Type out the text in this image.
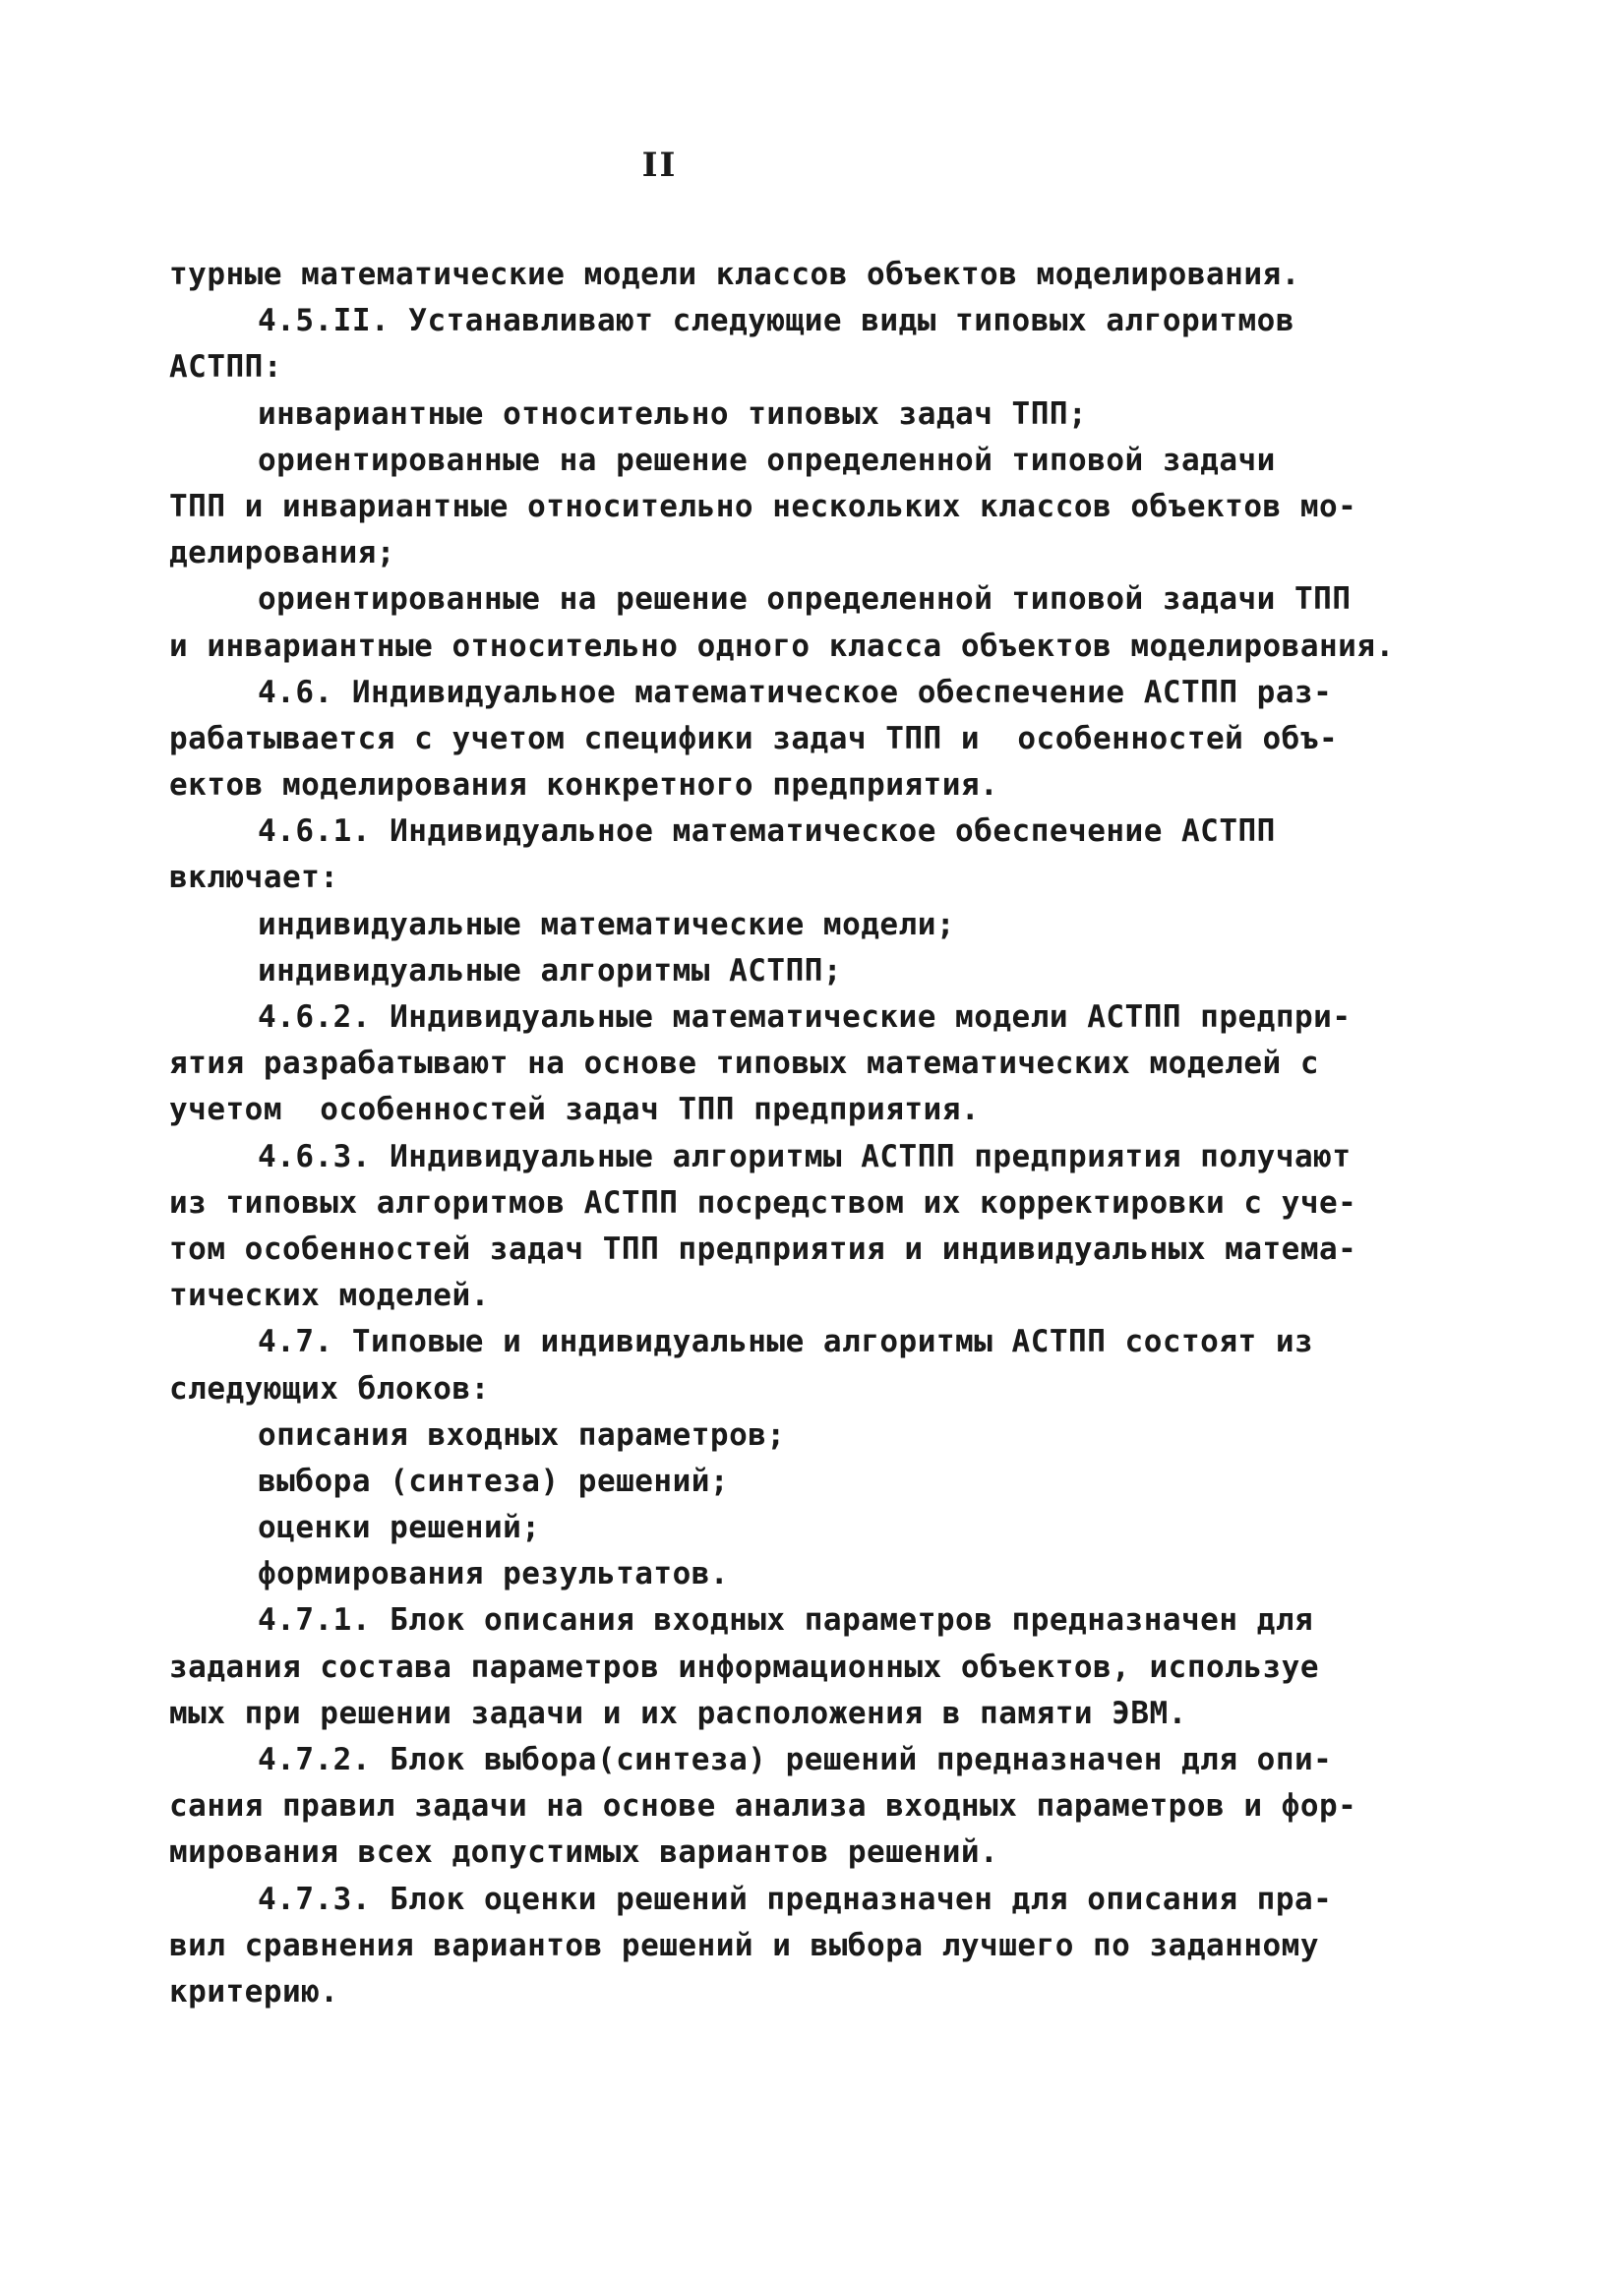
II
турные математические модели классов объектов моделирования.
4.5.II. Устанавливают следующие виды типовых алгоритмов
АСТПП:
инвариантные относительно типовых задач ТПП;
ориентированные на решение определенной типовой задачи
ТПП и инвариантные относительно нескольких классов объектов мо-
делирования;
ориентированные на решение определенной типовой задачи ТПП
и инвариантные относительно одного класса объектов моделирования.
4.6. Индивидуальное математическое обеспечение АСТПП раз-
рабатывается с учетом специфики задач ТПП и  особенностей объ-
ектов моделирования конкретного предприятия.
4.6.1. Индивидуальное математическое обеспечение АСТПП
включает:
индивидуальные математические модели;
индивидуальные алгоритмы АСТПП;
4.6.2. Индивидуальные математические модели АСТПП предпри-
ятия разрабатывают на основе типовых математических моделей с
учетом  особенностей задач ТПП предприятия.
4.6.3. Индивидуальные алгоритмы АСТПП предприятия получают
из типовых алгоритмов АСТПП посредством их корректировки с уче-
том особенностей задач ТПП предприятия и индивидуальных матема-
тических моделей.
4.7. Типовые и индивидуальные алгоритмы АСТПП состоят из
следующих блоков:
описания входных параметров;
выбора (синтеза) решений;
оценки решений;
формирования результатов.
4.7.1. Блок описания входных параметров предназначен для
задания состава параметров информационных объектов, используе
мых при решении задачи и их расположения в памяти ЭВМ.
4.7.2. Блок выбора(синтеза) решений предназначен для опи-
сания правил задачи на основе анализа входных параметров и фор-
мирования всех допустимых вариантов решений.
4.7.3. Блок оценки решений предназначен для описания пра-
вил сравнения вариантов решений и выбора лучшего по заданному
критерию.
